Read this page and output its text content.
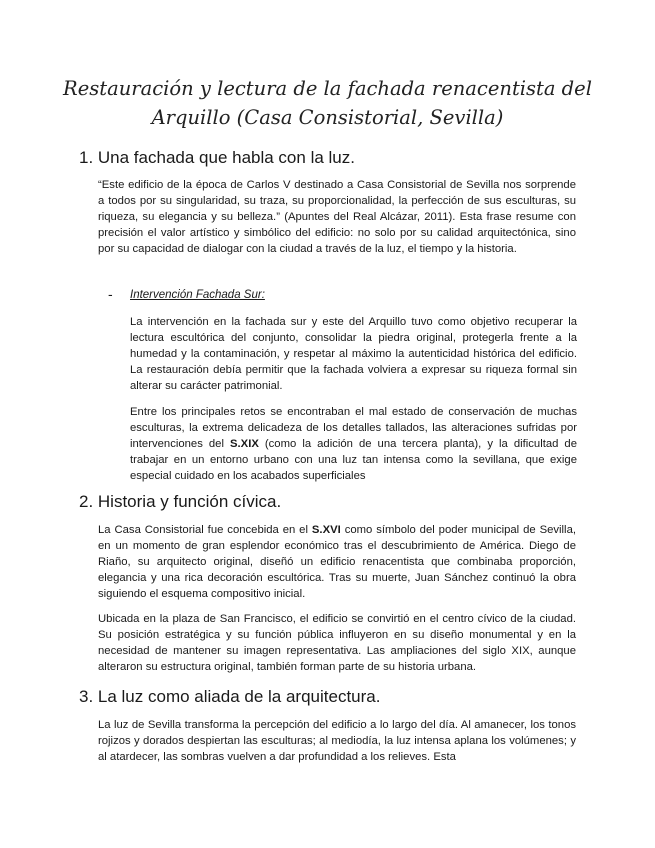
Restauración y lectura de la fachada renacentista del
Arquillo (Casa Consistorial, Sevilla)
1. Una fachada que habla con la luz.

“Este edificio de la época de Carlos V destinado a Casa Consistorial de Sevilla nos sorprende a todos por su singularidad, su traza, su proporcionalidad, la perfección de sus esculturas, su riqueza, su elegancia y su belleza.” (Apuntes del Real Alcázar, 2011). Esta frase resume con precisión el valor artístico y simbólico del edificio: no solo por su calidad arquitectónica, sino por su capacidad de dialogar con la ciudad a través de la luz, el tiempo y la historia.

- Intervención Fachada Sur:

La intervención en la fachada sur y este del Arquillo tuvo como objetivo recuperar la lectura escultórica del conjunto, consolidar la piedra original, protegerla frente a la humedad y la contaminación, y respetar al máximo la autenticidad histórica del edificio. La restauración debía permitir que la fachada volviera a expresar su riqueza formal sin alterar su carácter patrimonial.

Entre los principales retos se encontraban el mal estado de conservación de muchas esculturas, la extrema delicadeza de los detalles tallados, las alteraciones sufridas por intervenciones del S.XIX (como la adición de una tercera planta), y la dificultad de trabajar en un entorno urbano con una luz tan intensa como la sevillana, que exige especial cuidado en los acabados superficiales

2. Historia y función cívica.

La Casa Consistorial fue concebida en el S.XVI como símbolo del poder municipal de Sevilla, en un momento de gran esplendor económico tras el descubrimiento de América. Diego de Riaño, su arquitecto original, diseñó un edificio renacentista que combinaba proporción, elegancia y una rica decoración escultórica. Tras su muerte, Juan Sánchez continuó la obra siguiendo el esquema compositivo inicial.

Ubicada en la plaza de San Francisco, el edificio se convirtió en el centro cívico de la ciudad. Su posición estratégica y su función pública influyeron en su diseño monumental y en la necesidad de mantener su imagen representativa. Las ampliaciones del siglo XIX, aunque alteraron su estructura original, también forman parte de su historia urbana.

3. La luz como aliada de la arquitectura.

La luz de Sevilla transforma la percepción del edificio a lo largo del día. Al amanecer, los tonos rojizos y dorados despiertan las esculturas; al mediodía, la luz intensa aplana los volúmenes; y al atardecer, las sombras vuelven a dar profundidad a los relieves. Esta
